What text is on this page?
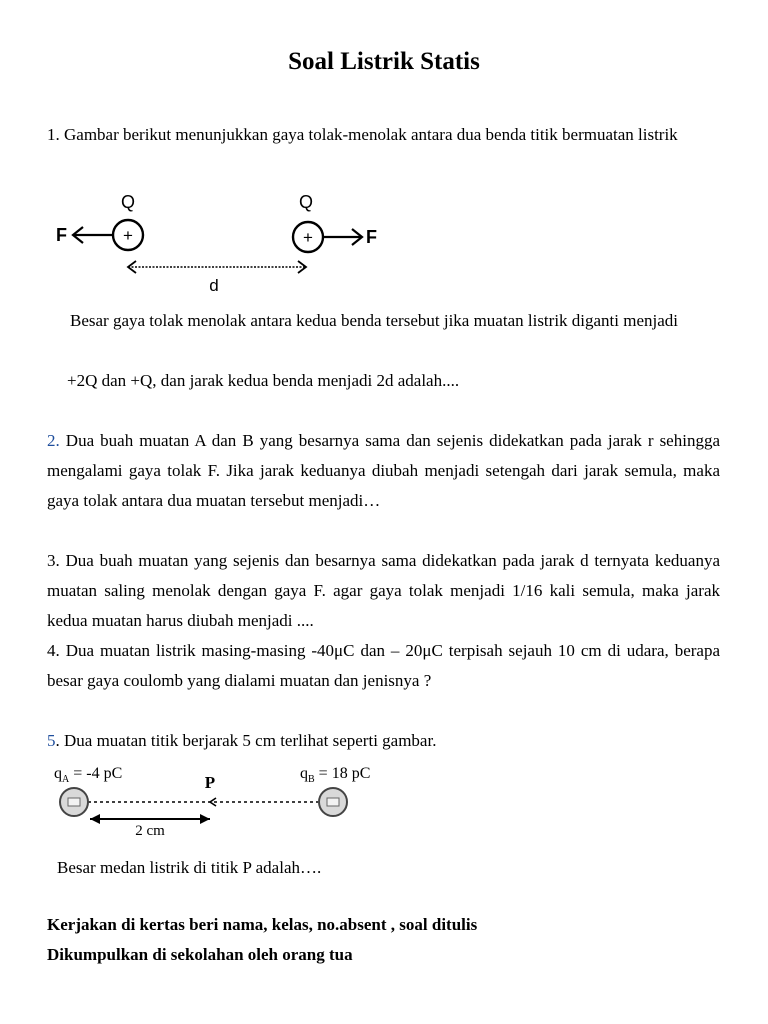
Soal Listrik Statis
1. Gambar berikut menunjukkan gaya tolak-menolak antara dua benda titik bermuatan listrik
Q	Q
F	+	+	F
d
Besar gaya tolak menolak antara kedua benda tersebut jika muatan listrik diganti menjadi
+2Q dan +Q, dan jarak kedua benda menjadi 2d adalah....
2. Dua buah muatan A dan B yang besarnya sama dan sejenis didekatkan pada jarak r sehingga mengalami gaya tolak F. Jika jarak keduanya diubah menjadi setengah dari jarak semula, maka gaya tolak antara dua muatan tersebut menjadi…
3. Dua buah muatan yang sejenis dan besarnya sama didekatkan pada jarak d ternyata keduanya muatan saling menolak dengan gaya F. agar gaya tolak menjadi 1/16 kali semula, maka jarak kedua muatan harus diubah menjadi ....
4. Dua muatan listrik masing-masing -40μC dan – 20μC terpisah sejauh 10 cm di udara, berapa besar gaya coulomb yang dialami muatan dan jenisnya ?
5. Dua muatan titik berjarak 5 cm terlihat seperti gambar.
$q_A = -4$ pC	P	$q_B = 18$ pC
2 cm
Besar medan listrik di titik P adalah….
Kerjakan di kertas beri nama, kelas, no.absent , soal ditulis
Dikumpulkan di sekolahan oleh orang tua
